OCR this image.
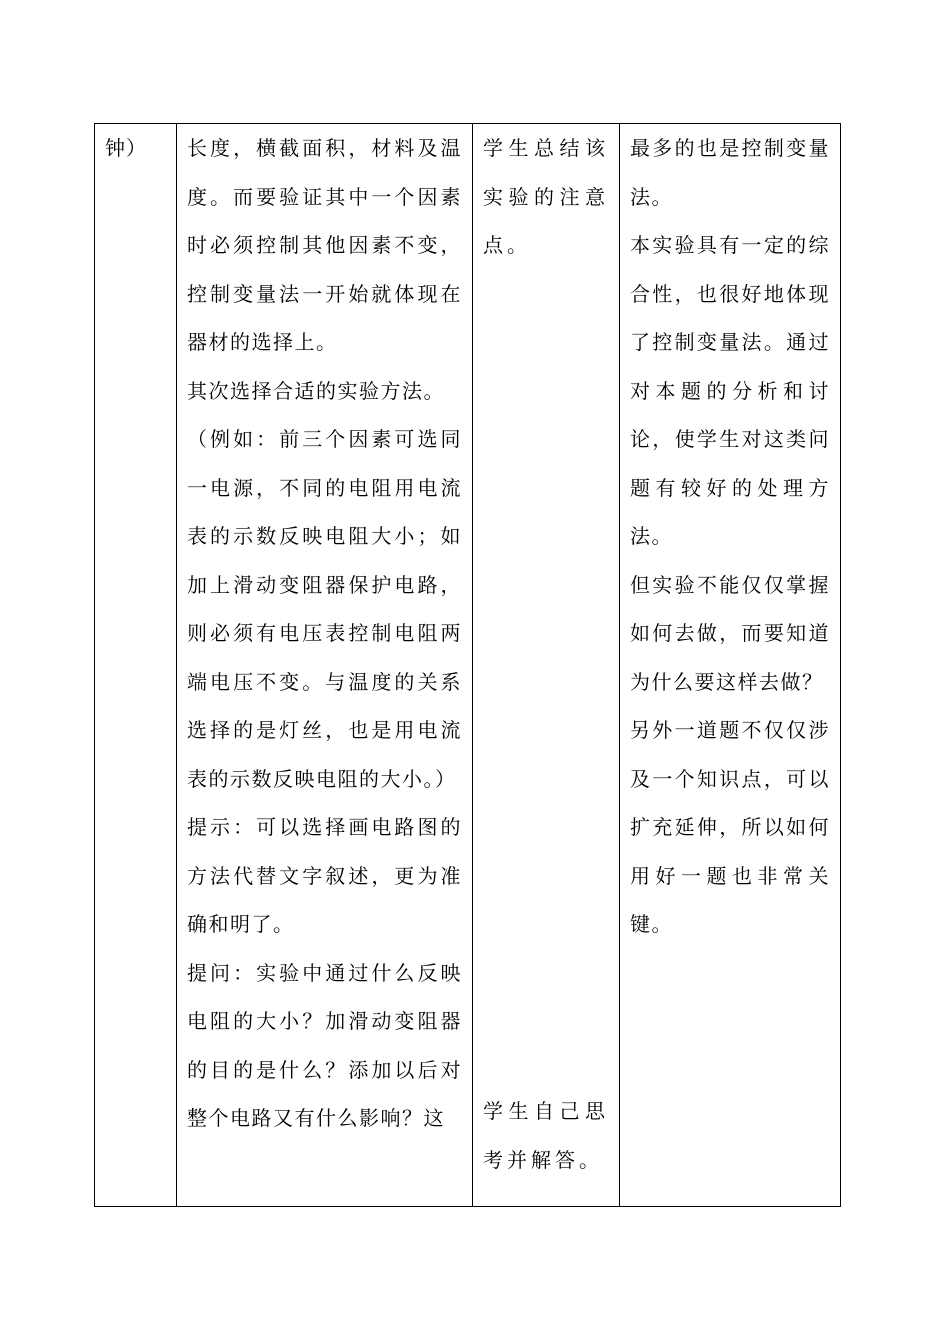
钟）	长度，横截面积，材料及温度。而要验证其中一个因素时必须控制其他因素不变，控制变量法一开始就体现在器材的选择上。

其次选择合适的实验方法。

（例如：前三个因素可选同一电源，不同的电阻用电流表的示数反映电阻大小；如加上滑动变阻器保护电路，则必须有电压表控制电阻两端电压不变。与温度的关系选择的是灯丝，也是用电流表的示数反映电阻的大小。）

提示：可以选择画电路图的方法代替文字叙述，更为准确和明了。

提问：实验中通过什么反映电阻的大小？加滑动变阻器的目的是什么？添加以后对整个电路又有什么影响？这

学生总结该实验的注意点。

学生自己思考并解答。

最多的也是控制变量法。

本实验具有一定的综合性，也很好地体现了控制变量法。通过对本题的分析和讨论，使学生对这类问题有较好的处理方法。

但实验不能仅仅掌握如何去做，而要知道为什么要这样去做？

另外一道题不仅仅涉及一个知识点，可以扩充延伸，所以如何用好一题也非常关键。
